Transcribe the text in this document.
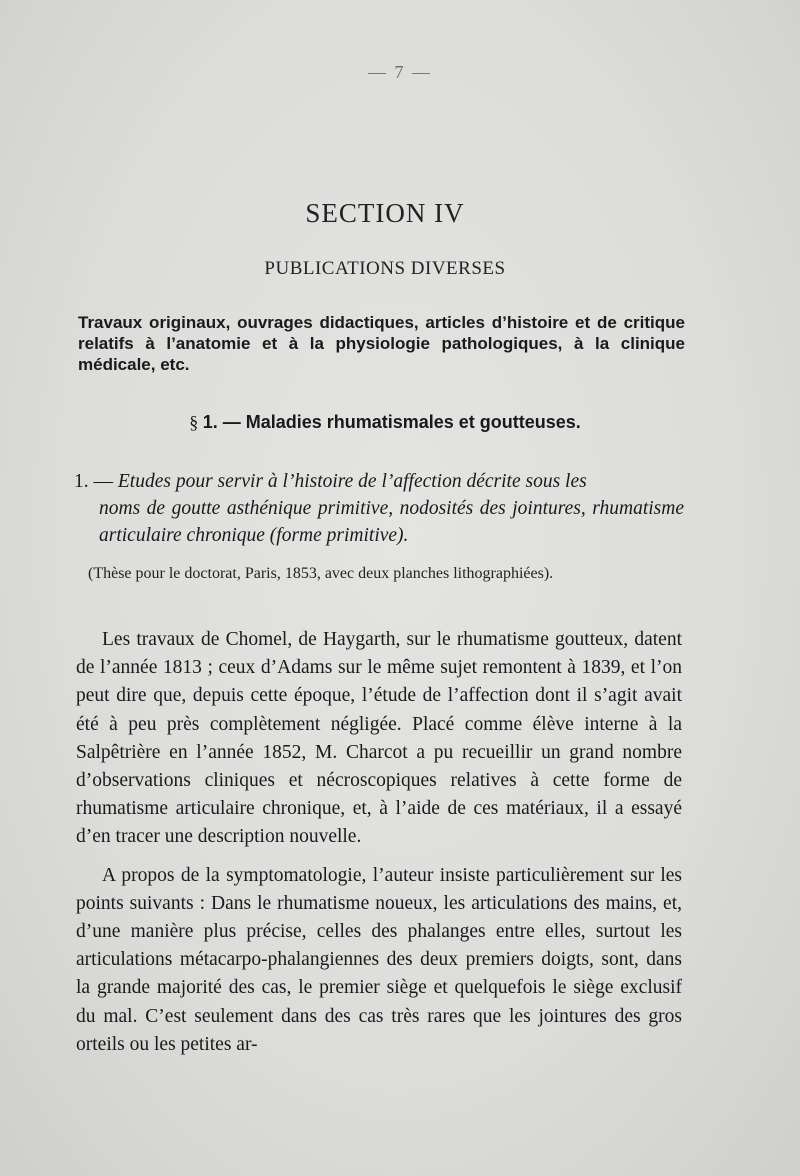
— 7 —
SECTION IV
PUBLICATIONS DIVERSES
Travaux originaux, ouvrages didactiques, articles d’histoire et de critique relatifs à l’anatomie et à la physiologie pathologiques, à la clinique médicale, etc.
§ 1. — Maladies rhumatismales et goutteuses.
1. — Etudes pour servir à l’histoire de l’affection décrite sous les
noms de goutte asthénique primitive, nodosités des jointures, rhumatisme articulaire chronique (forme primitive).
(Thèse pour le doctorat, Paris, 1853, avec deux planches lithographiées).

Les travaux de Chomel, de Haygarth, sur le rhumatisme goutteux, datent de l’année 1813 ; ceux d’Adams sur le même sujet remontent à 1839, et l’on peut dire que, depuis cette époque, l’étude de l’affection dont il s’agit avait été à peu près complètement négligée. Placé comme élève interne à la Salpêtrière en l’année 1852, M. Charcot a pu recueillir un grand nombre d’observations cliniques et nécroscopiques relatives à cette forme de rhumatisme articulaire chronique, et, à l’aide de ces matériaux, il a essayé d’en tracer une description nouvelle.

A propos de la symptomatologie, l’auteur insiste particulièrement sur les points suivants : Dans le rhumatisme noueux, les articulations des mains, et, d’une manière plus précise, celles des phalanges entre elles, surtout les articulations métacarpo-phalangiennes des deux premiers doigts, sont, dans la grande majorité des cas, le premier siège et quelquefois le siège exclusif du mal. C’est seulement dans des cas très rares que les jointures des gros orteils ou les petites ar-
